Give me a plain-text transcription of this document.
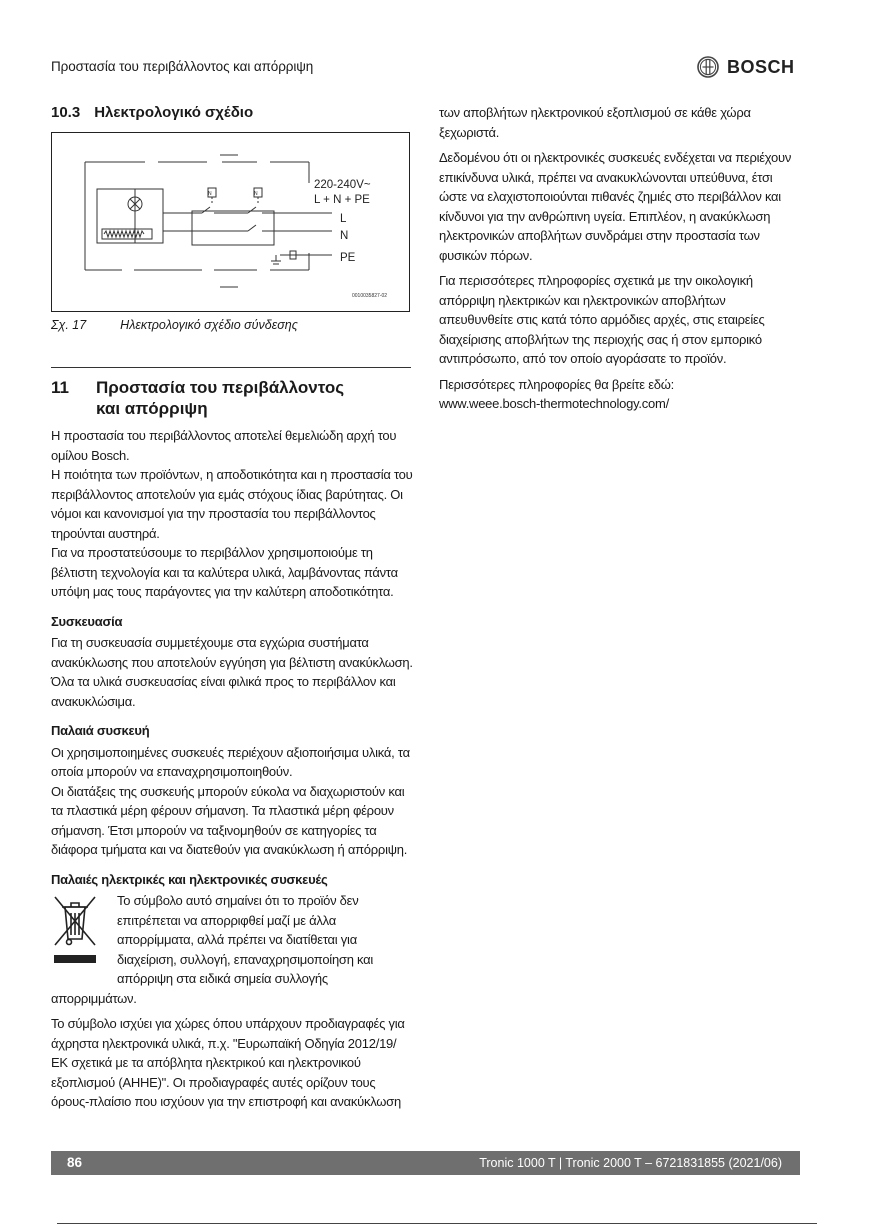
Προστασία του περιβάλλοντος και απόρριψη	BOSCH
10.3 Ηλεκτρολογικό σχέδιο
N	N
220-240V~
L + N + PE
L
N
PE
0010035827-02
Σχ. 17	Ηλεκτρολογικό σχέδιο σύνδεσης
11	Προστασία του περιβάλλοντος και απόρριψη

Η προστασία του περιβάλλοντος αποτελεί θεμελιώδη αρχή του ομίλου Bosch.

Η ποιότητα των προϊόντων, η αποδοτικότητα και η προστασία του περιβάλλοντος αποτελούν για εμάς στόχους ίδιας βαρύτητας. Οι νόμοι και κανονισμοί για την προστασία του περιβάλλοντος τηρούνται αυστηρά.

Για να προστατεύσουμε το περιβάλλον χρησιμοποιούμε τη βέλτιστη τεχνολογία και τα καλύτερα υλικά, λαμβάνοντας πάντα υπόψη μας τους παράγοντες για την καλύτερη αποδοτικότητα.

Συσκευασία

Για τη συσκευασία συμμετέχουμε στα εγχώρια συστήματα ανακύκλωσης που αποτελούν εγγύηση για βέλτιστη ανακύκλωση. Όλα τα υλικά συσκευασίας είναι φιλικά προς το περιβάλλον και ανακυκλώσιμα.

Παλαιά συσκευή

Οι χρησιμοποιημένες συσκευές περιέχουν αξιοποιήσιμα υλικά, τα οποία μπορούν να επαναχρησιμοποιηθούν.

Οι διατάξεις της συσκευής μπορούν εύκολα να διαχωριστούν και τα πλαστικά μέρη φέρουν σήμανση. Τα πλαστικά μέρη φέρουν σήμανση. Έτσι μπορούν να ταξινομηθούν σε κατηγορίες τα διάφορα τμήματα και να διατεθούν για ανακύκλωση ή απόρριψη.

Παλαιές ηλεκτρικές και ηλεκτρονικές συσκευές

Το σύμβολο αυτό σημαίνει ότι το προϊόν δεν επιτρέπεται να απορριφθεί μαζί με άλλα απορρίμματα, αλλά πρέπει να διατίθεται για διαχείριση, συλλογή, επαναχρησιμοποίηση και απόρριψη στα ειδικά σημεία συλλογής

απορριμμάτων.

Το σύμβολο ισχύει για χώρες όπου υπάρχουν προδιαγραφές για άχρηστα ηλεκτρονικά υλικά, π.χ. "Ευρωπαϊκή Οδηγία 2012/19/ ΕΚ σχετικά με τα απόβλητα ηλεκτρικού και ηλεκτρονικού εξοπλισμού (ΑΗΗΕ)". Οι προδιαγραφές αυτές ορίζουν τους όρους-πλαίσιο που ισχύουν για την επιστροφή και ανακύκλωση

των αποβλήτων ηλεκτρονικού εξοπλισμού σε κάθε χώρα ξεχωριστά.

Δεδομένου ότι οι ηλεκτρονικές συσκευές ενδέχεται να περιέχουν επικίνδυνα υλικά, πρέπει να ανακυκλώνονται υπεύθυνα, έτσι ώστε να ελαχιστοποιούνται πιθανές ζημιές στο περιβάλλον και κίνδυνοι για την ανθρώπινη υγεία. Επιπλέον, η ανακύκλωση ηλεκτρονικών αποβλήτων συνδράμει στην προστασία των φυσικών πόρων.

Για περισσότερες πληροφορίες σχετικά με την οικολογική απόρριψη ηλεκτρικών και ηλεκτρονικών αποβλήτων απευθυνθείτε στις κατά τόπο αρμόδιες αρχές, στις εταιρείες διαχείρισης αποβλήτων της περιοχής σας ή στον εμπορικό αντιπρόσωπο, από τον οποίο αγοράσατε το προϊόν.

Περισσότερες πληροφορίες θα βρείτε εδώ:

www.weee.bosch-thermotechnology.com/

86	Tronic 1000 T | Tronic 2000 T – 6721831855 (2021/06)
